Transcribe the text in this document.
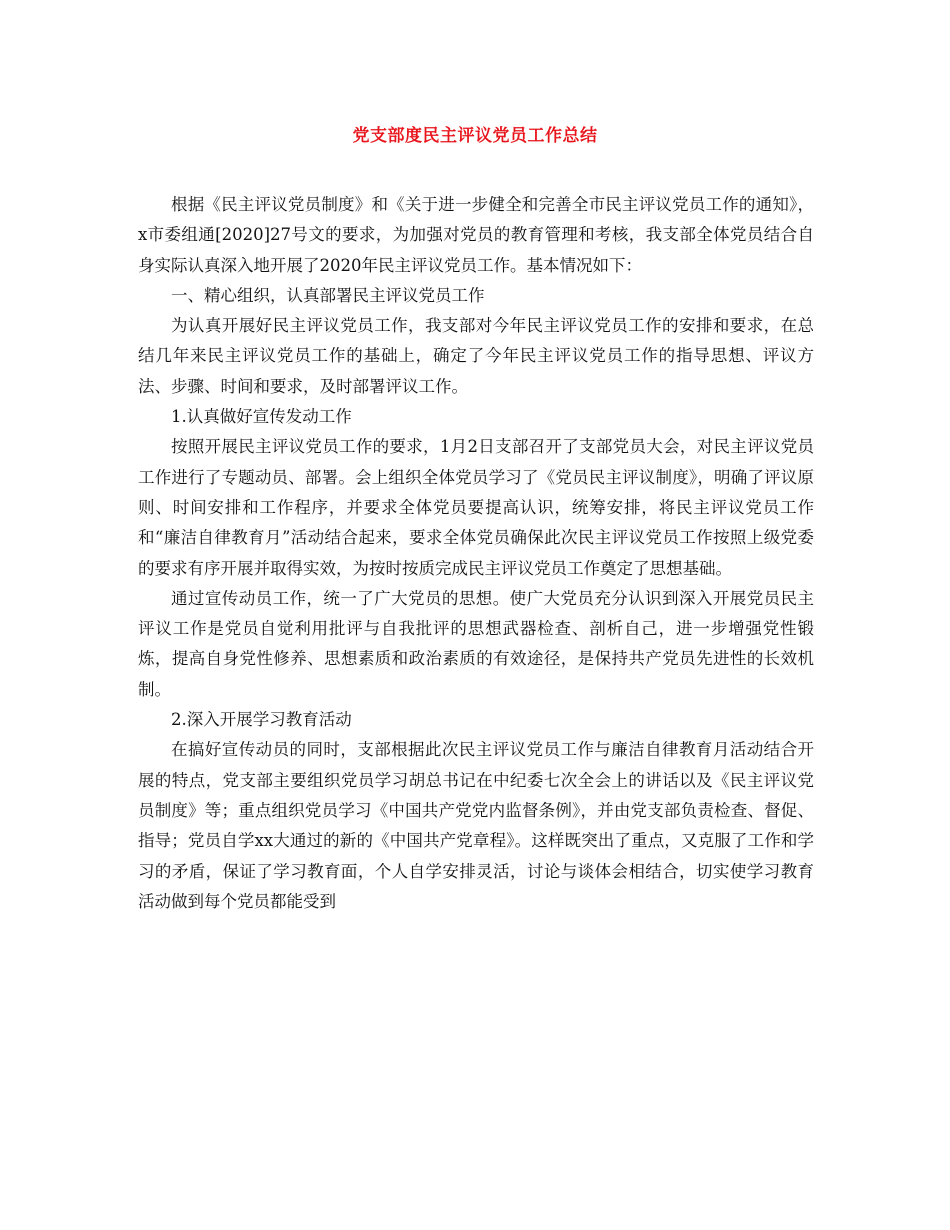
党支部度民主评议党员工作总结

根据《民主评议党员制度》和《关于进一步健全和完善全市民主评议党员工作的通知》，x市委组通[2020]27号文的要求，为加强对党员的教育管理和考核，我支部全体党员结合自身实际认真深入地开展了2020年民主评议党员工作。基本情况如下：

一、精心组织，认真部署民主评议党员工作

为认真开展好民主评议党员工作，我支部对今年民主评议党员工作的安排和要求，在总结几年来民主评议党员工作的基础上，确定了今年民主评议党员工作的指导思想、评议方法、步骤、时间和要求，及时部署评议工作。

1.认真做好宣传发动工作

按照开展民主评议党员工作的要求，1月2日支部召开了支部党员大会，对民主评议党员工作进行了专题动员、部署。会上组织全体党员学习了《党员民主评议制度》，明确了评议原则、时间安排和工作程序，并要求全体党员要提高认识，统筹安排，将民主评议党员工作和“廉洁自律教育月”活动结合起来，要求全体党员确保此次民主评议党员工作按照上级党委的要求有序开展并取得实效，为按时按质完成民主评议党员工作奠定了思想基础。

通过宣传动员工作，统一了广大党员的思想。使广大党员充分认识到深入开展党员民主评议工作是党员自觉利用批评与自我批评的思想武器检查、剖析自己，进一步增强党性锻炼，提高自身党性修养、思想素质和政治素质的有效途径，是保持共产党员先进性的长效机制。

2.深入开展学习教育活动

在搞好宣传动员的同时，支部根据此次民主评议党员工作与廉洁自律教育月活动结合开展的特点，党支部主要组织党员学习胡总书记在中纪委七次全会上的讲话以及《民主评议党员制度》等；重点组织党员学习《中国共产党党内监督条例》，并由党支部负责检查、督促、指导；党员自学xx大通过的新的《中国共产党章程》。这样既突出了重点，又克服了工作和学习的矛盾，保证了学习教育面，个人自学安排灵活，讨论与谈体会相结合，切实使学习教育活动做到每个党员都能受到
